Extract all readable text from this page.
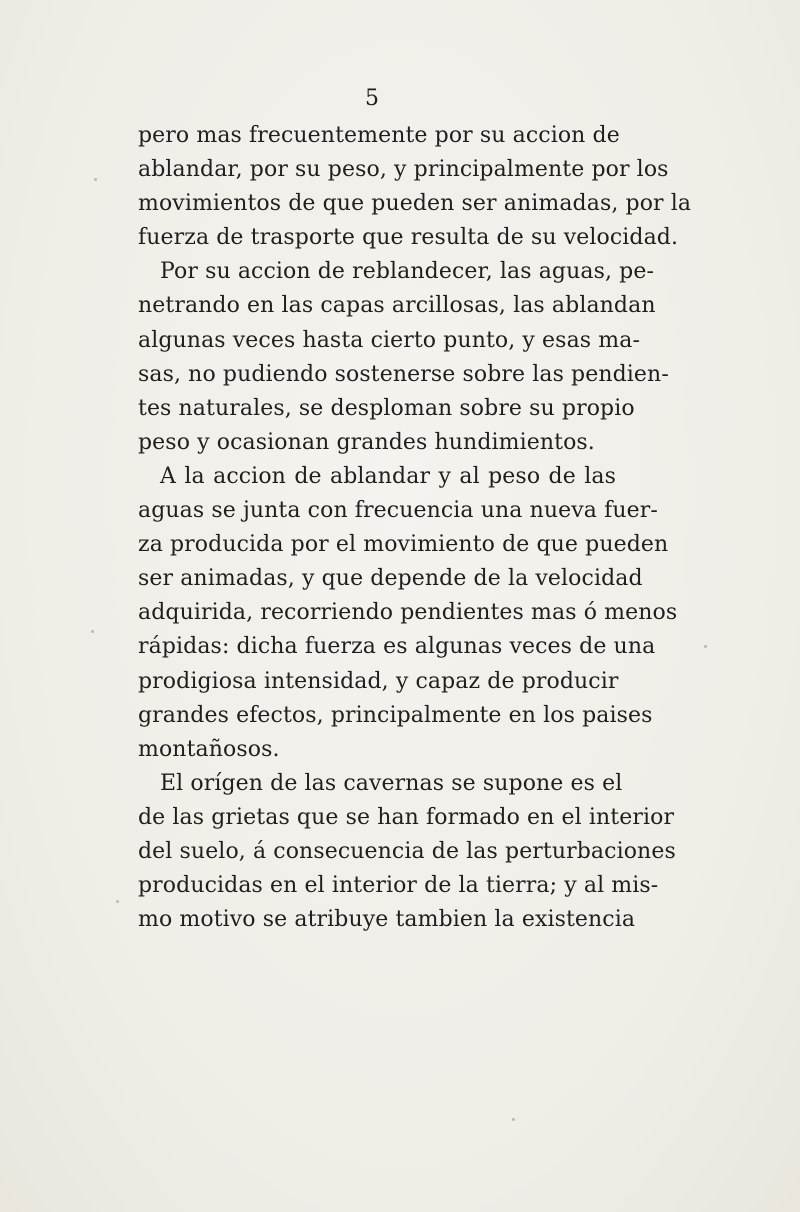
5
pero mas frecuentemente por su accion de
ablandar, por su peso, y principalmente por los
movimientos de que pueden ser animadas, por la
fuerza de trasporte que resulta de su velocidad.
Por su accion de reblandecer, las aguas, pe-
netrando en las capas arcillosas, las ablandan
algunas veces hasta cierto punto, y esas ma-
sas, no pudiendo sostenerse sobre las pendien-
tes naturales, se desploman sobre su propio
peso y ocasionan grandes hundimientos.
A la accion de ablandar y al peso de las
aguas se junta con frecuencia una nueva fuer-
za producida por el movimiento de que pueden
ser animadas, y que depende de la velocidad
adquirida, recorriendo pendientes mas ó menos
rápidas: dicha fuerza es algunas veces de una
prodigiosa intensidad, y capaz de producir
grandes efectos, principalmente en los paises
montañosos.
El orígen de las cavernas se supone es el
de las grietas que se han formado en el interior
del suelo, á consecuencia de las perturbaciones
producidas en el interior de la tierra; y al mis-
mo motivo se atribuye tambien la existencia
